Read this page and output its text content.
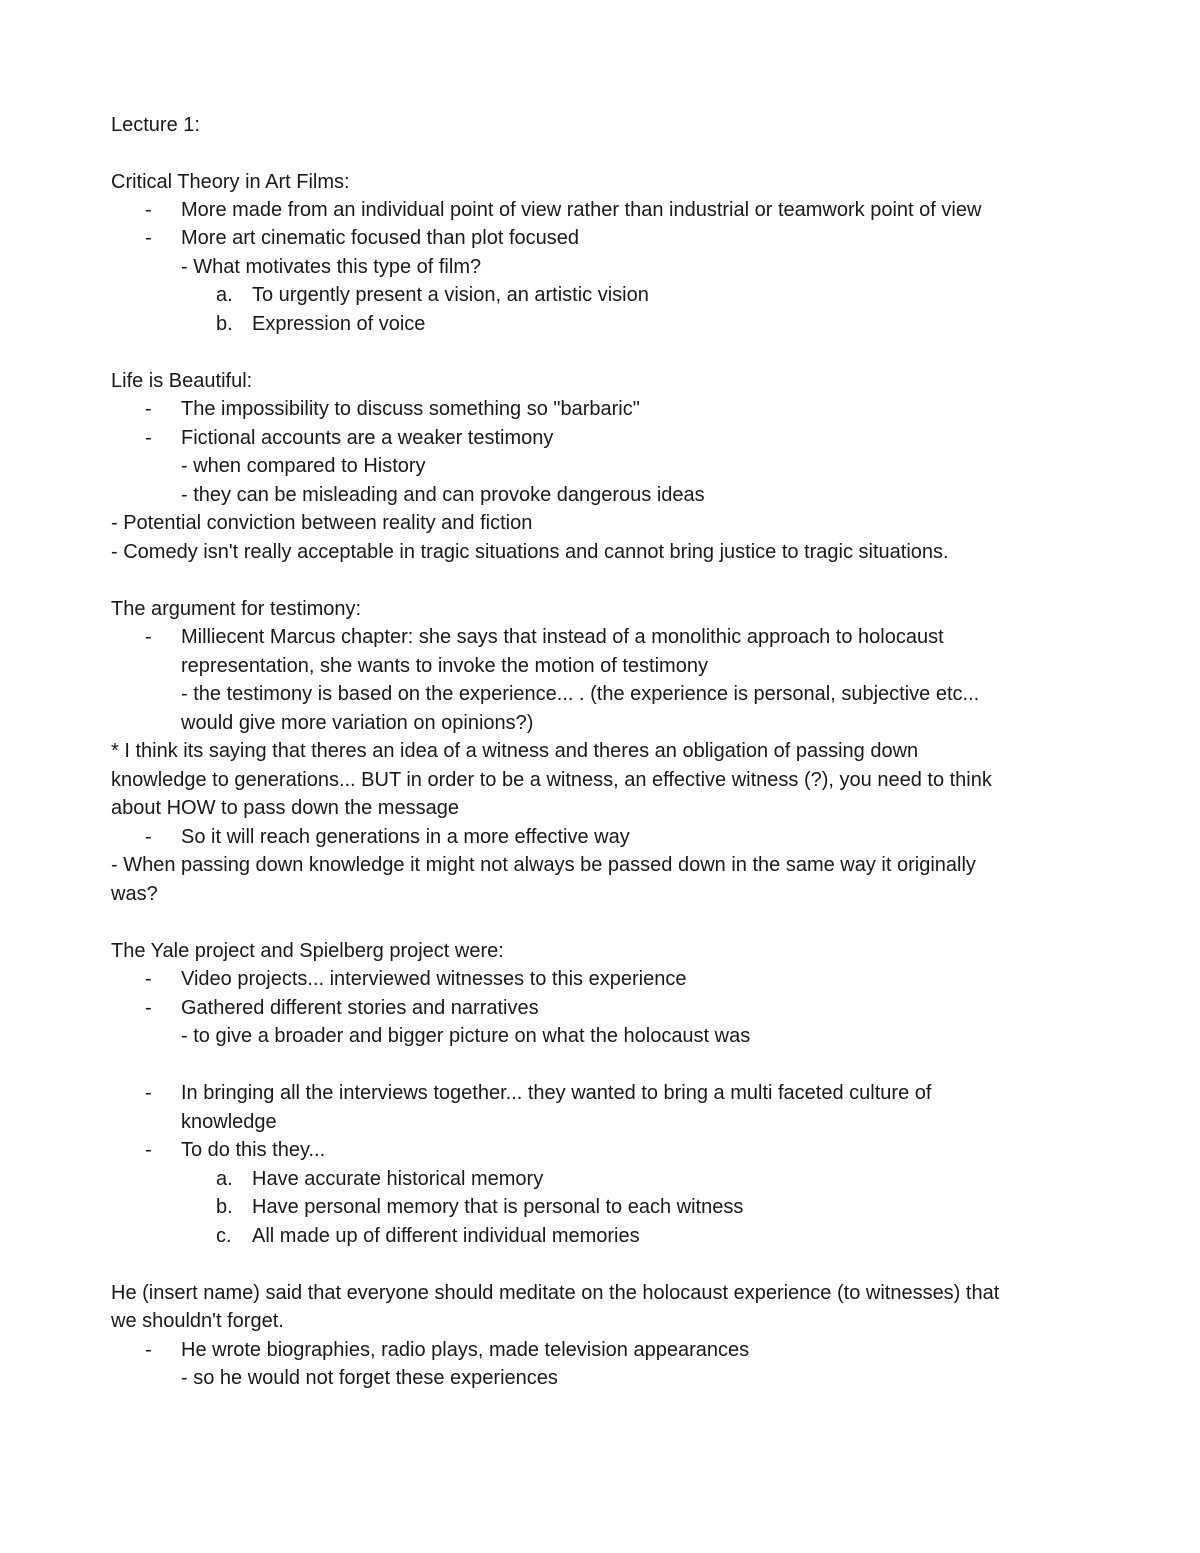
Lecture 1:
Critical Theory in Art Films:
- More made from an individual point of view rather than industrial or teamwork point of view
- More art cinematic focused than plot focused
- What motivates this type of film?
a. To urgently present a vision, an artistic vision
b. Expression of voice
Life is Beautiful:
- The impossibility to discuss something so "barbaric"
- Fictional accounts are a weaker testimony
- when compared to History
- they can be misleading and can provoke dangerous ideas
- Potential conviction between reality and fiction
- Comedy isn't really acceptable in tragic situations and cannot bring justice to tragic situations.
The argument for testimony:
- Milliecent Marcus chapter: she says that instead of a monolithic approach to holocaust
representation, she wants to invoke the motion of testimony
- the testimony is based on the experience... . (the experience is personal, subjective etc...
would give more variation on opinions?)
* I think its saying that theres an idea of a witness and theres an obligation of passing down
knowledge to generations... BUT in order to be a witness, an effective witness (?), you need to think
about HOW to pass down the message
- So it will reach generations in a more effective way
- When passing down knowledge it might not always be passed down in the same way it originally
was?
The Yale project and Spielberg project were:
- Video projects... interviewed witnesses to this experience
- Gathered different stories and narratives
- to give a broader and bigger picture on what the holocaust was
- In bringing all the interviews together... they wanted to bring a multi faceted culture of
knowledge
- To do this they...
a. Have accurate historical memory
b. Have personal memory that is personal to each witness
c. All made up of different individual memories
He (insert name) said that everyone should meditate on the holocaust experience (to witnesses) that
we shouldn't forget.
- He wrote biographies, radio plays, made television appearances
- so he would not forget these experiences
